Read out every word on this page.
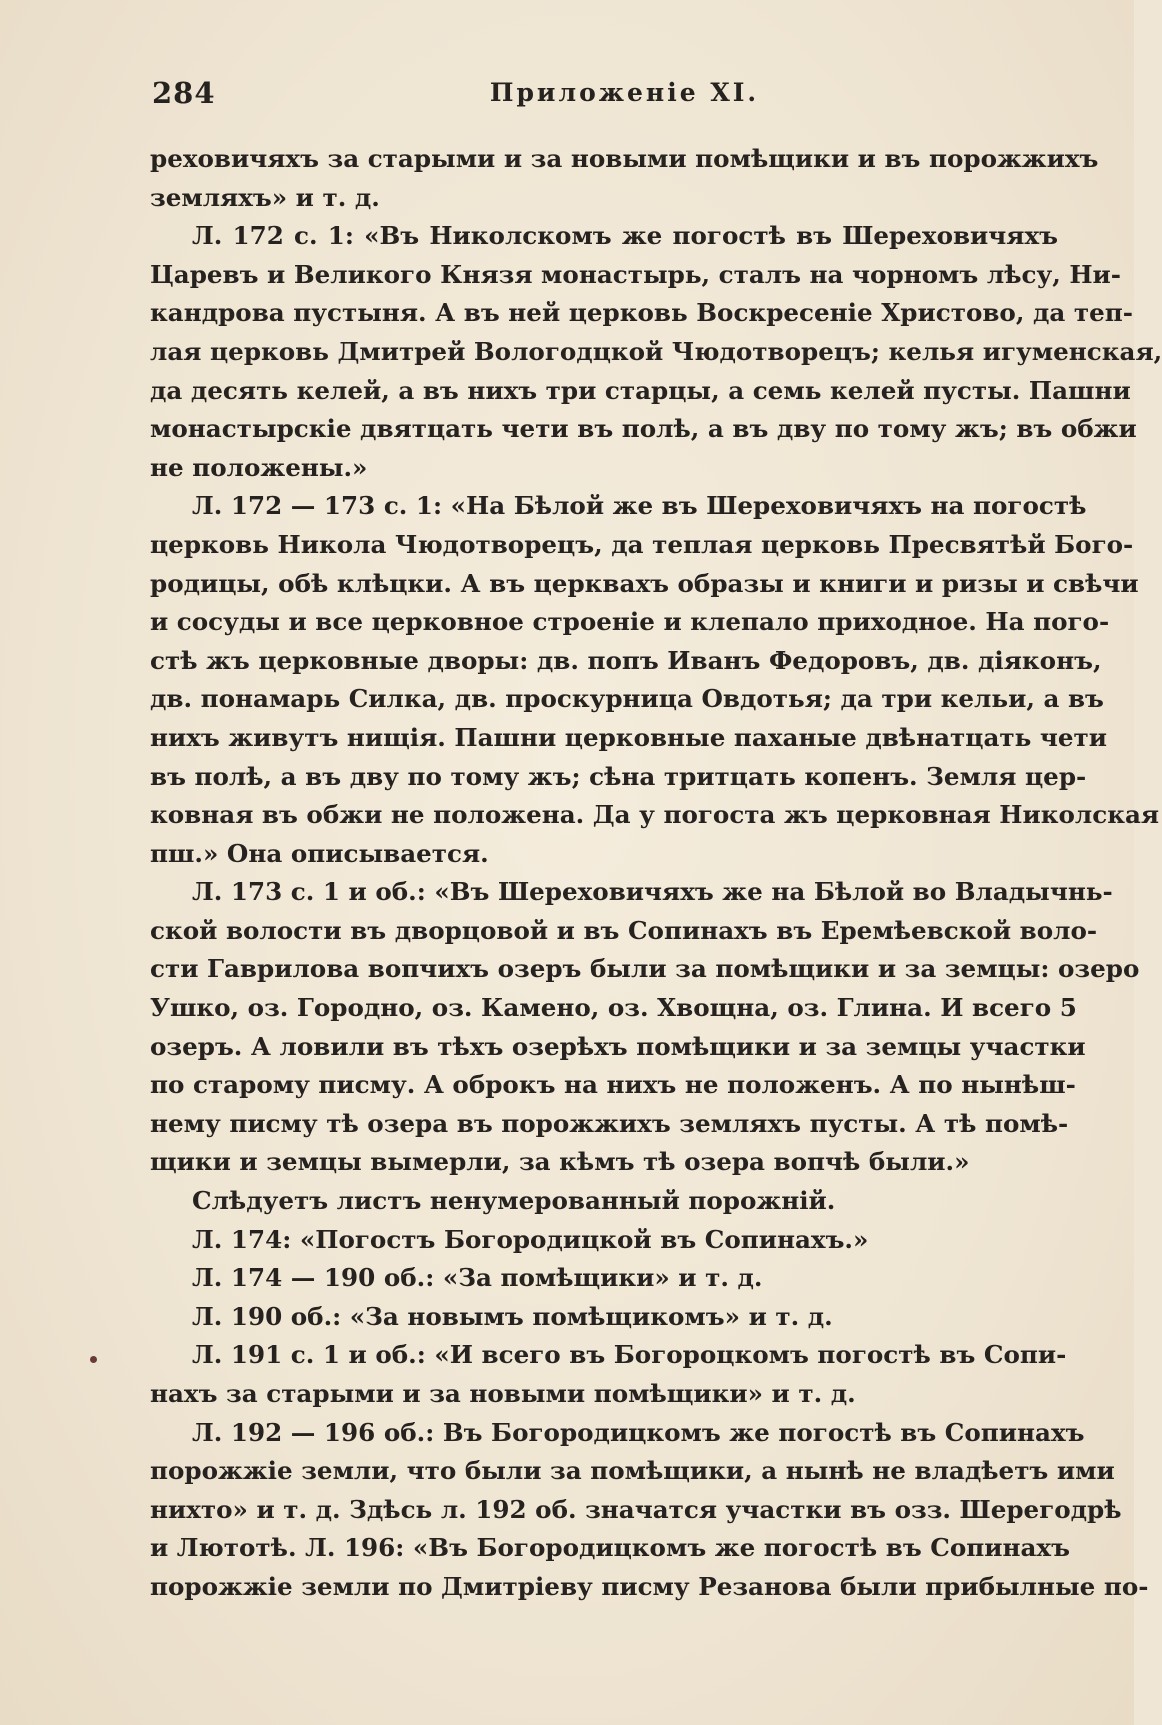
284	Приложеніе XI.
реховичяхъ за старыми и за новыми помѣщики и въ порожжихъ
земляхъ» и т. д.
Л. 172 с. 1: «Въ Николскомъ же погостѣ въ Шереховичяхъ
Царевъ и Великого Князя монастырь, сталъ на чорномъ лѣсу, Ни-
кандрова пустыня. А въ ней церковь Воскресеніе Христово, да теп-
лая церковь Дмитрей Вологодцкой Чюдотворецъ; келья игуменская,
да десять келей, а въ нихъ три старцы, а семь келей пусты. Пашни
монастырскіе двятцать чети въ полѣ, а въ дву по тому жъ; въ обжи
не положены.»
Л. 172 — 173 с. 1: «На Бѣлой же въ Шереховичяхъ на погостѣ
церковь Никола Чюдотворецъ, да теплая церковь Пресвятѣй Бого-
родицы, обѣ клѣцки. А въ церквахъ образы и книги и ризы и свѣчи
и сосуды и все церковное строеніе и клепало приходное. На пого-
стѣ жъ церковные дворы: дв. попъ Иванъ Федоровъ, дв. діяконъ,
дв. понамарь Силка, дв. проскурница Овдотья; да три кельи, а въ
нихъ живутъ нищія. Пашни церковные паханые двѣнатцать чети
въ полѣ, а въ дву по тому жъ; сѣна тритцать копенъ. Земля цер-
ковная въ обжи не положена. Да у погоста жъ церковная Николская
пш.» Она описывается.
Л. 173 с. 1 и об.: «Въ Шереховичяхъ же на Бѣлой во Владычнь-
ской волости въ дворцовой и въ Сопинахъ въ Еремѣевской воло-
сти Гаврилова вопчихъ озеръ были за помѣщики и за земцы: озеро
Ушко, оз. Городно, оз. Камено, оз. Хвощна, оз. Глина. И всего 5
озеръ. А ловили въ тѣхъ озерѣхъ помѣщики и за земцы участки
по старому писму. А оброкъ на нихъ не положенъ. А по нынѣш-
нему писму тѣ озера въ порожжихъ земляхъ пусты. А тѣ помѣ-
щики и земцы вымерли, за кѣмъ тѣ озера вопчѣ были.»
Слѣдуетъ листъ ненумерованный порожній.
Л. 174: «Погостъ Богородицкой въ Сопинахъ.»
Л. 174 — 190 об.: «За помѣщики» и т. д.
Л. 190 об.: «За новымъ помѣщикомъ» и т. д.
Л. 191 с. 1 и об.: «И всего въ Богороцкомъ погостѣ въ Сопи-
нахъ за старыми и за новыми помѣщики» и т. д.
Л. 192 — 196 об.: Въ Богородицкомъ же погостѣ въ Сопинахъ
порожжіе земли, что были за помѣщики, а нынѣ не владѣетъ ими
нихто» и т. д. Здѣсь л. 192 об. значатся участки въ озз. Шерегодрѣ
и Лютотѣ. Л. 196: «Въ Богородицкомъ же погостѣ въ Сопинахъ
порожжіе земли по Дмитріеву писму Резанова были прибылные по-
